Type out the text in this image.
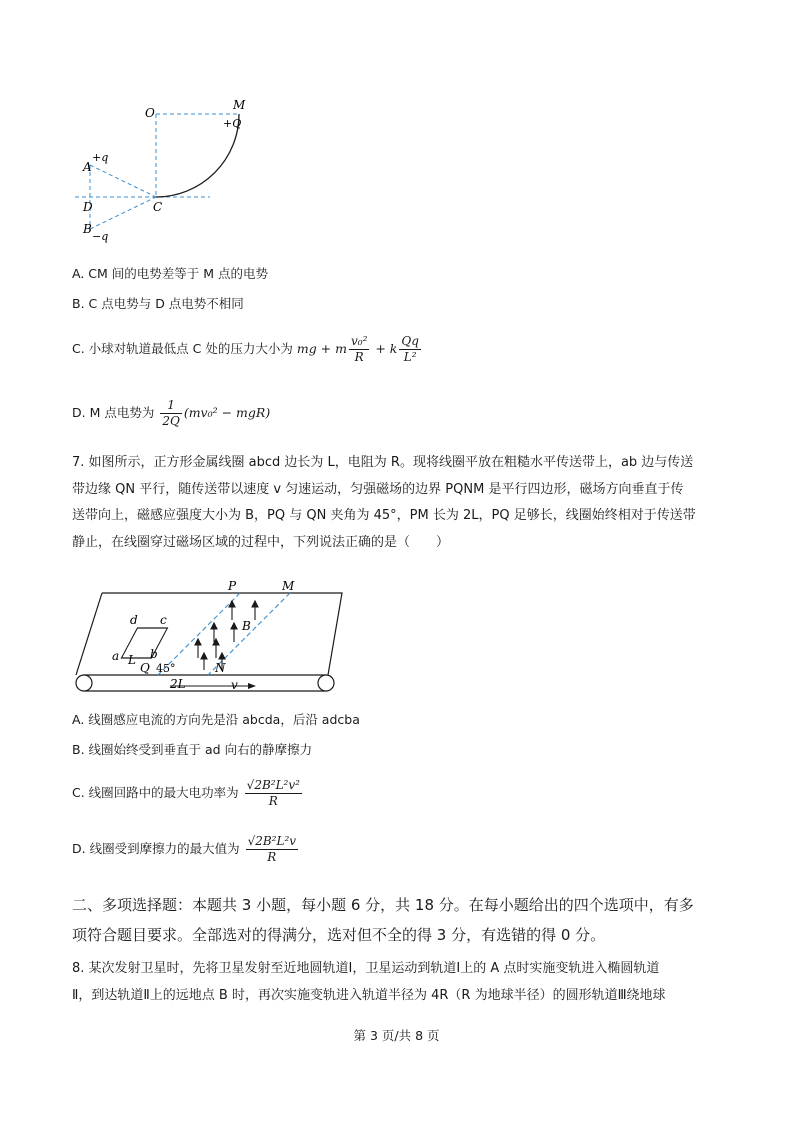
O
M
+Q
+q
A
D	C
B
−q
A. CM 间的电势差等于 M 点的电势
B. C 点电势与 D 点电势不相同
C. 小球对轨道最低点 C 处的压力大小为 mg + m $\frac{\text{v₀²}}{R} + k \frac{Qq}{\text{L²}}$
D. M 点电势为 $\frac{1}{2Q} (mv_0^2 - mgR)$
7. 如图所示，正方形金属线圈 abcd 边长为 L，电阻为 R。现将线圈平放在粗糙水平传送带上，ab 边与传送
带边缘 QN 平行，随传送带以速度 v 匀速运动，匀强磁场的边界 PQNM 是平行四边形，磁场方向垂直于传
送带向上，磁感应强度大小为 B，PQ 与 QN 夹角为 45°，PM 长为 2L，PQ 足够长，线圈始终相对于传送带
静止，在线圈穿过磁场区域的过程中，下列说法正确的是（　　）
P	M
B
d c
a	b
L
Q 45°	N
2L	v
A. 线圈感应电流的方向先是沿 abcda，后沿 adcba
B. 线圈始终受到垂直于 ad 向右的静摩擦力
C. 线圈回路中的最大电功率为 $\frac{\text{√2B²L²v²}}{R}$
D. 线圈受到摩擦力的最大值为 $\frac{\text{√2B²L²v}}{R}$
二、多项选择题：本题共 3 小题，每小题 6 分，共 18 分。在每小题给出的四个选项中，有多
项符合题目要求。全部选对的得满分，选对但不全的得 3 分，有选错的得 0 分。
8. 某次发射卫星时，先将卫星发射至近地圆轨道Ⅰ，卫星运动到轨道Ⅰ上的 A 点时实施变轨进入椭圆轨道
Ⅱ，到达轨道Ⅱ上的远地点 B 时，再次实施变轨进入轨道半径为 4R（R 为地球半径）的圆形轨道Ⅲ绕地球
第 3 页/共 8 页
